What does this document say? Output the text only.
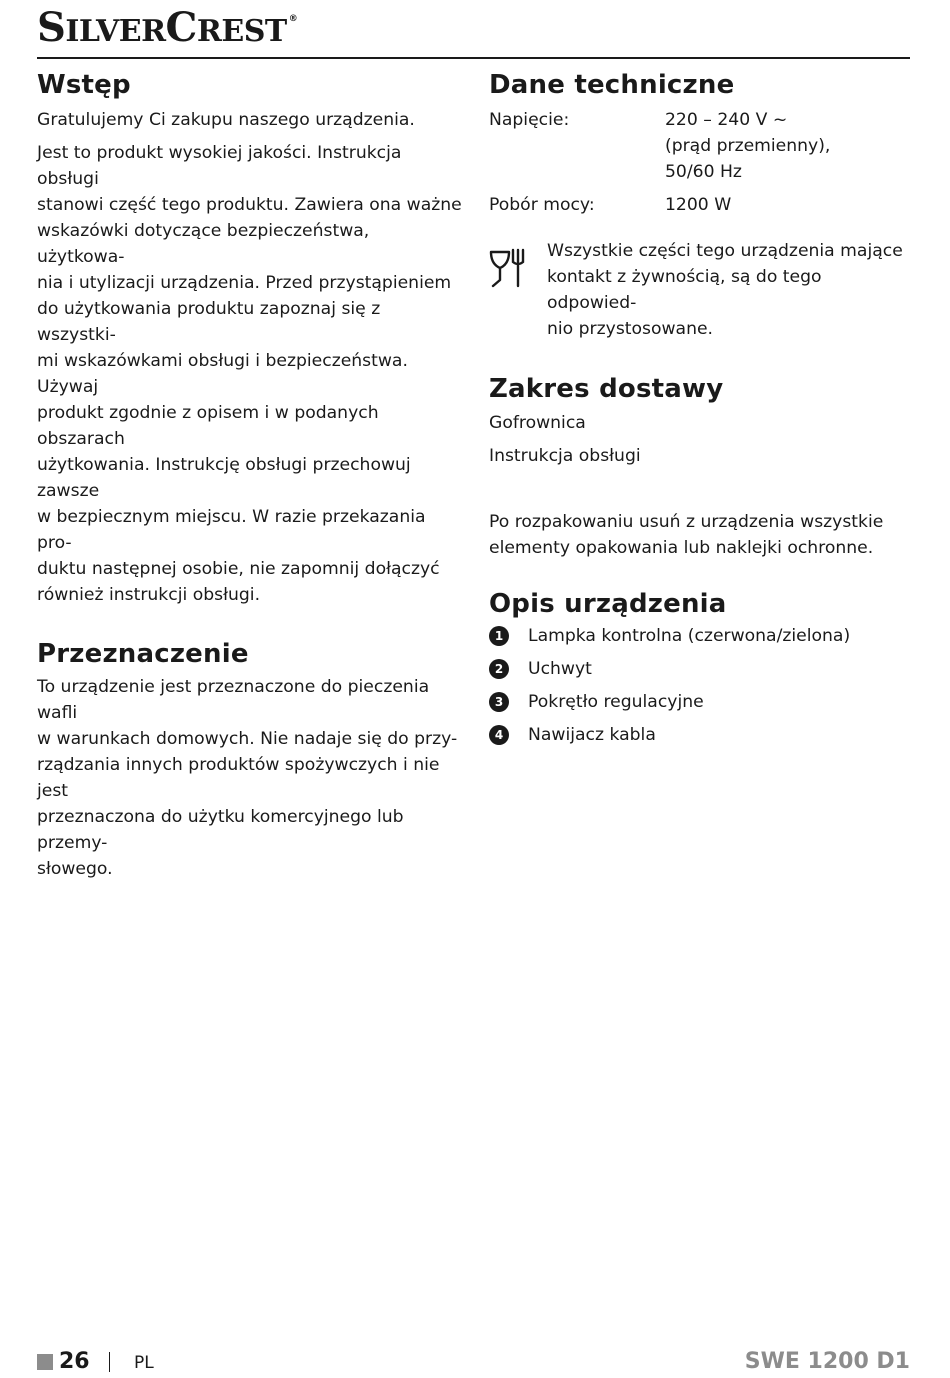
SILVERCREST ®
Wstęp

Gratulujemy Ci zakupu naszego urządzenia.

Jest to produkt wysokiej jakości. Instrukcja obsługi

stanowi część tego produktu. Zawiera ona ważne

wskazówki dotyczące bezpieczeństwa, użytkowa-

nia i utylizacji urządzenia. Przed przystąpieniem

do użytkowania produktu zapoznaj się z wszystki-

mi wskazówkami obsługi i bezpieczeństwa. Używaj

produkt zgodnie z opisem i w podanych obszarach

użytkowania. Instrukcję obsługi przechowuj zawsze

w bezpiecznym miejscu. W razie przekazania pro-

duktu następnej osobie, nie zapomnij dołączyć

również instrukcji obsługi.

Przeznaczenie

To urządzenie jest przeznaczone do pieczenia wafli

w warunkach domowych. Nie nadaje się do przy-

rządzania innych produktów spożywczych i nie jest

przeznaczona do użytku komercyjnego lub przemy-

słowego.

Dane techniczne
Napięcie:	220 – 240 V ~
(prąd przemienny),
50/60 Hz
Pobór mocy:	1200 W

Wszystkie części tego urządzenia mające

kontakt z żywnością, są do tego odpowied-

nio przystosowane.

Zakres dostawy

Gofrownica

Instrukcja obsługi

Po rozpakowaniu usuń z urządzenia wszystkie

elementy opakowania lub naklejki ochronne.

Opis urządzenia
1	Lampka kontrolna (czerwona/zielona)
2	Uchwyt
3	Pokrętło regulacyjne
4	Nawijacz kabla
26	PL	SWE 1200 D1
